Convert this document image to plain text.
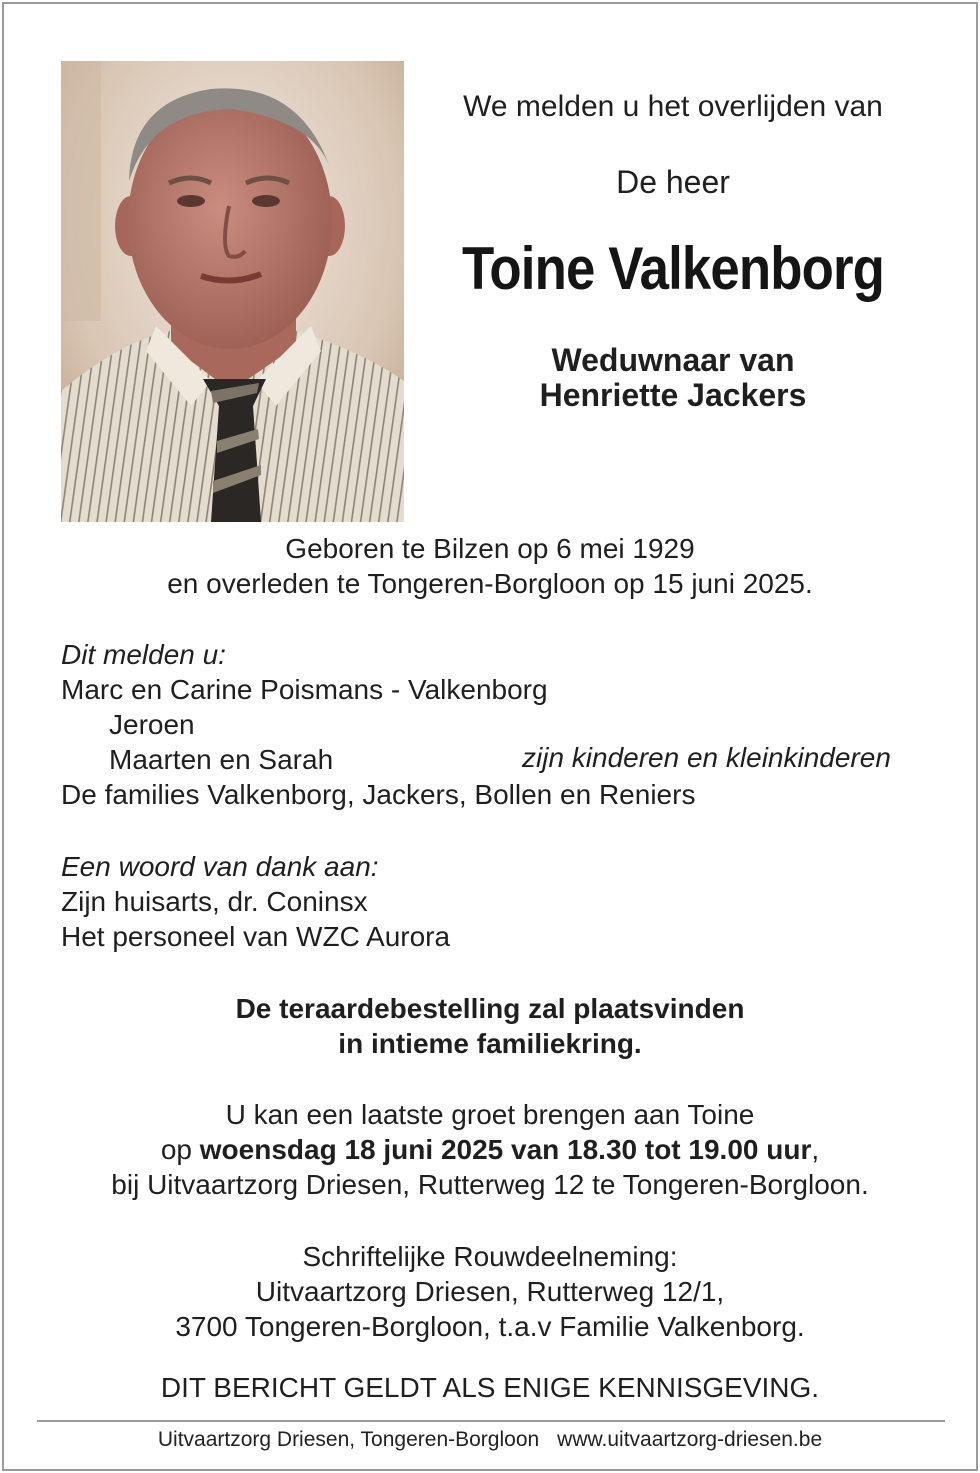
We melden u het overlijden van
De heer
Toine Valkenborg
Weduwnaar van
Henriette Jackers
Geboren te Bilzen op 6 mei 1929
en overleden te Tongeren-Borgloon op 15 juni 2025.
Dit melden u:
Marc en Carine Poismans - Valkenborg
Jeroen
Maarten en Sarah
De families Valkenborg, Jackers, Bollen en Reniers
zijn kinderen en kleinkinderen
Een woord van dank aan:
Zijn huisarts, dr. Coninsx
Het personeel van WZC Aurora
De teraardebestelling zal plaatsvinden
in intieme familiekring.
U kan een laatste groet brengen aan Toine
op woensdag 18 juni 2025 van 18.30 tot 19.00 uur,
bij Uitvaartzorg Driesen, Rutterweg 12 te Tongeren-Borgloon.
Schriftelijke Rouwdeelneming:
Uitvaartzorg Driesen, Rutterweg 12/1,
3700 Tongeren-Borgloon, t.a.v Familie Valkenborg.
DIT BERICHT GELDT ALS ENIGE KENNISGEVING.
Uitvaartzorg Driesen, Tongeren-Borgloon www.uitvaartzorg-driesen.be
